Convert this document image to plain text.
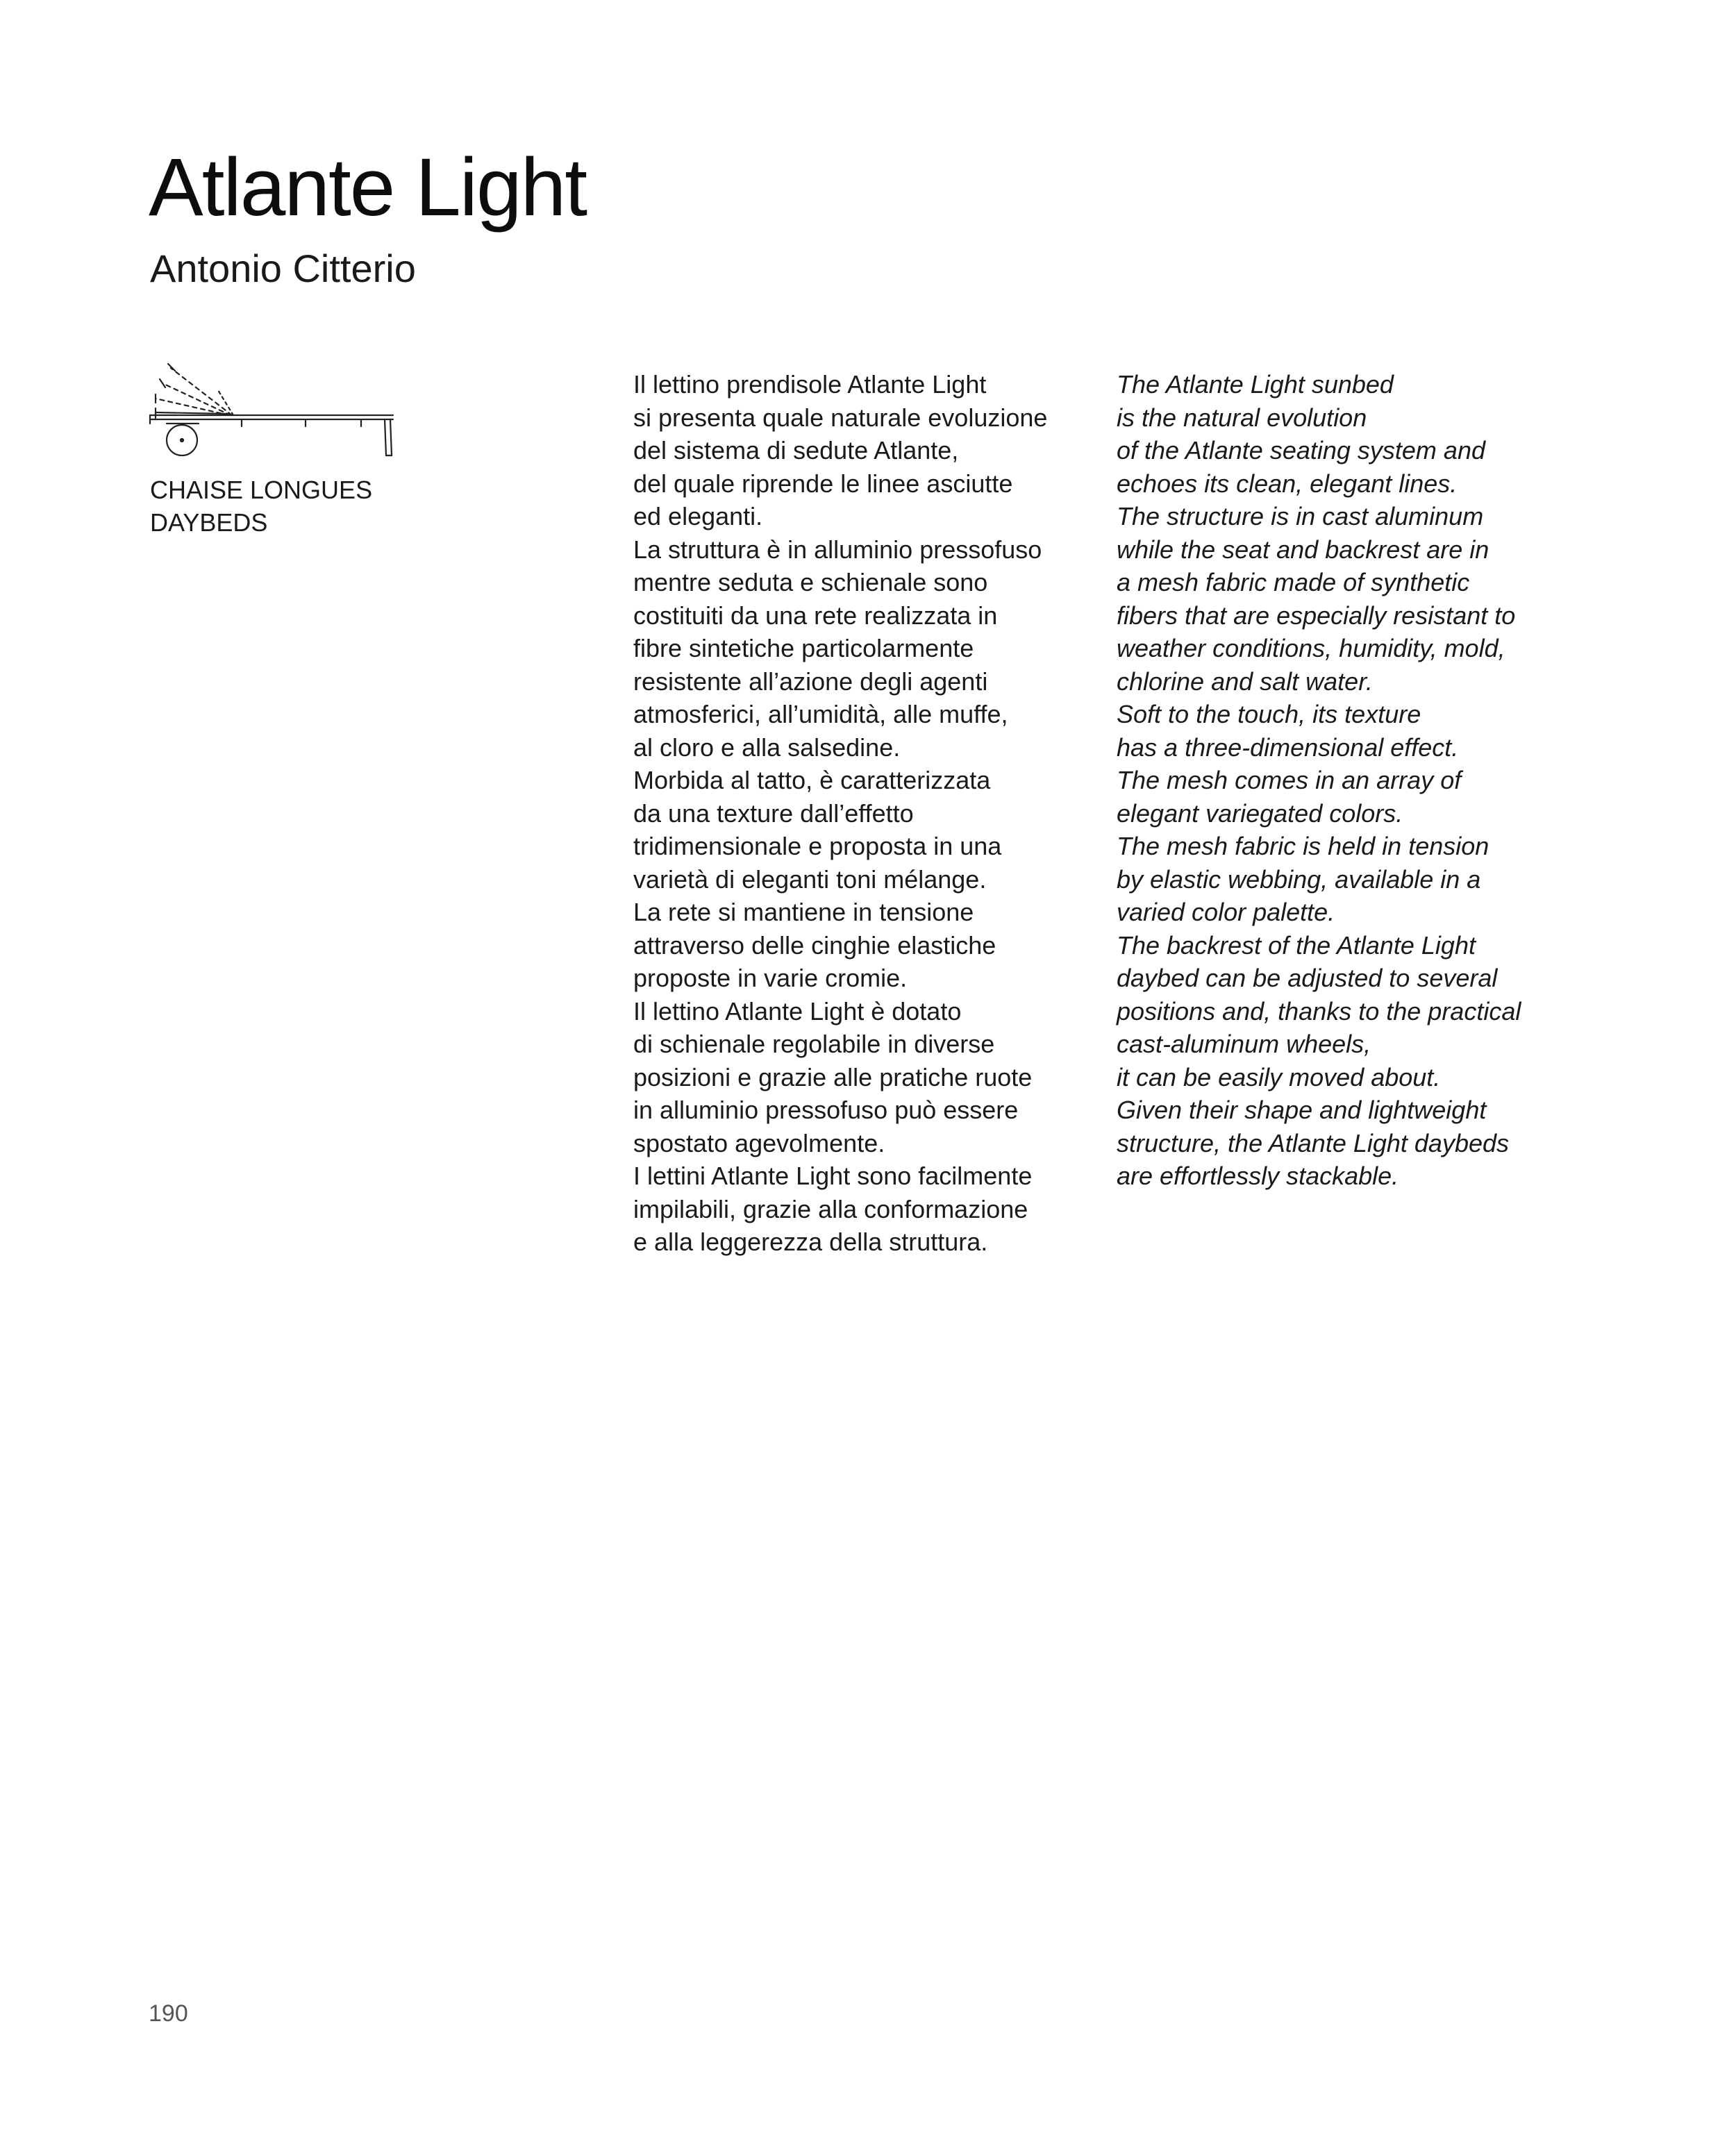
Atlante Light
Antonio Citterio
CHAISE LONGUES
DAYBEDS
Il lettino prendisole Atlante Light
si presenta quale naturale evoluzione
del sistema di sedute Atlante,
del quale riprende le linee asciutte
ed eleganti.
La struttura è in alluminio pressofuso
mentre seduta e schienale sono
costituiti da una rete realizzata in
fibre sintetiche particolarmente
resistente all’azione degli agenti
atmosferici, all’umidità, alle muffe,
al cloro e alla salsedine.
Morbida al tatto, è caratterizzata
da una texture dall’effetto
tridimensionale e proposta in una
varietà di eleganti toni mélange.
La rete si mantiene in tensione
attraverso delle cinghie elastiche
proposte in varie cromie.
Il lettino Atlante Light è dotato
di schienale regolabile in diverse
posizioni e grazie alle pratiche ruote
in alluminio pressofuso può essere
spostato agevolmente.
I lettini Atlante Light sono facilmente
impilabili, grazie alla conformazione
e alla leggerezza della struttura.
The Atlante Light sunbed
is the natural evolution
of the Atlante seating system and
echoes its clean, elegant lines.
The structure is in cast aluminum
while the seat and backrest are in
a mesh fabric made of synthetic
fibers that are especially resistant to
weather conditions, humidity, mold,
chlorine and salt water.
Soft to the touch, its texture
has a three-dimensional effect.
The mesh comes in an array of
elegant variegated colors.
The mesh fabric is held in tension
by elastic webbing, available in a
varied color palette.
The backrest of the Atlante Light
daybed can be adjusted to several
positions and, thanks to the practical
cast-aluminum wheels,
it can be easily moved about.
Given their shape and lightweight
structure, the Atlante Light daybeds
are effortlessly stackable.
190
